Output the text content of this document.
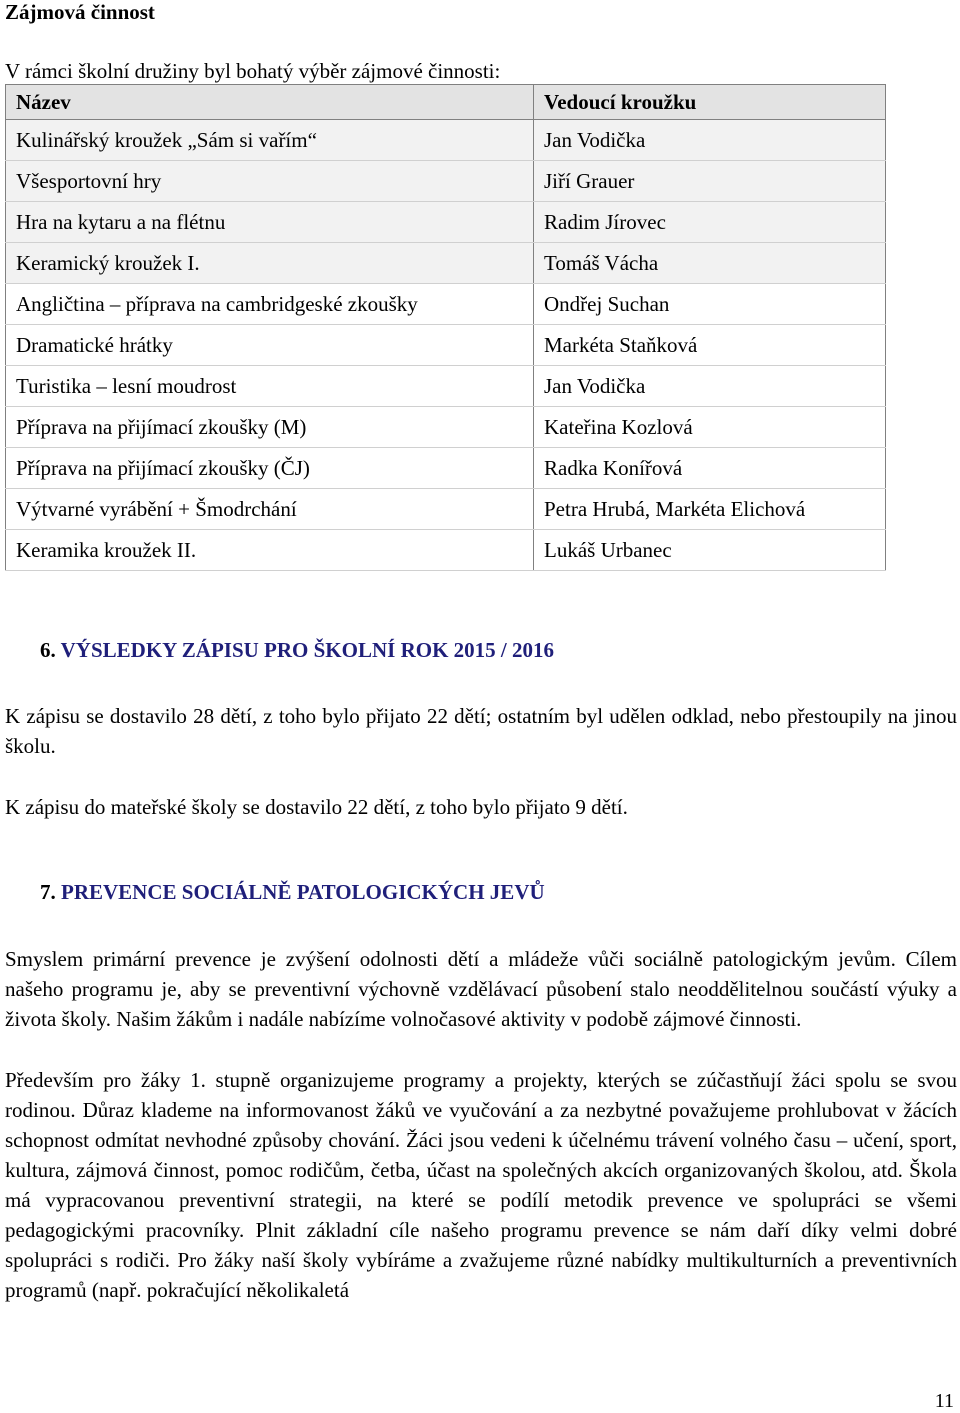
Zájmová činnost
V rámci školní družiny byl bohatý výběr zájmové činnosti:
Název	Vedoucí kroužku
Kulinářský kroužek „Sám si vařím“	Jan Vodička
Všesportovní hry	Jiří Grauer
Hra na kytaru a na flétnu	Radim Jírovec
Keramický kroužek I.	Tomáš Vácha
Angličtina – příprava na cambridgeské zkoušky	Ondřej Suchan
Dramatické hrátky	Markéta Staňková
Turistika – lesní moudrost	Jan Vodička
Příprava na přijímací zkoušky (M)	Kateřina Kozlová
Příprava na přijímací zkoušky (ČJ)	Radka Konířová
Výtvarné vyrábění + Šmodrchání	Petra Hrubá, Markéta Elichová
Keramika kroužek II.	Lukáš Urbanec
6. VÝSLEDKY ZÁPISU PRO ŠKOLNÍ ROK 2015 / 2016

K zápisu se dostavilo 28 dětí, z toho bylo přijato 22 dětí; ostatním byl udělen odklad, nebo přestoupily na jinou školu.

K zápisu do mateřské školy se dostavilo 22 dětí, z toho bylo přijato 9 dětí.

7. PREVENCE SOCIÁLNĚ PATOLOGICKÝCH JEVŮ

Smyslem primární prevence je zvýšení odolnosti dětí a mládeže vůči sociálně patologickým jevům. Cílem našeho programu je, aby se preventivní výchovně vzdělávací působení stalo neoddělitelnou součástí výuky a života školy. Našim žákům i nadále nabízíme volnočasové aktivity v podobě zájmové činnosti.

Především pro žáky 1. stupně organizujeme programy a projekty, kterých se zúčastňují žáci spolu se svou rodinou. Důraz klademe na informovanost žáků ve vyučování a za nezbytné považujeme prohlubovat v žácích schopnost odmítat nevhodné způsoby chování. Žáci jsou vedeni k účelnému trávení volného času – učení, sport, kultura, zájmová činnost, pomoc rodičům, četba, účast na společných akcích organizovaných školou, atd. Škola má vypracovanou preventivní strategii, na které se podílí metodik prevence ve spolupráci se všemi pedagogickými pracovníky. Plnit základní cíle našeho programu prevence se nám daří díky velmi dobré spolupráci s rodiči. Pro žáky naší školy vybíráme a zvažujeme různé nabídky multikulturních a preventivních programů (např. pokračující několikaletá

11
